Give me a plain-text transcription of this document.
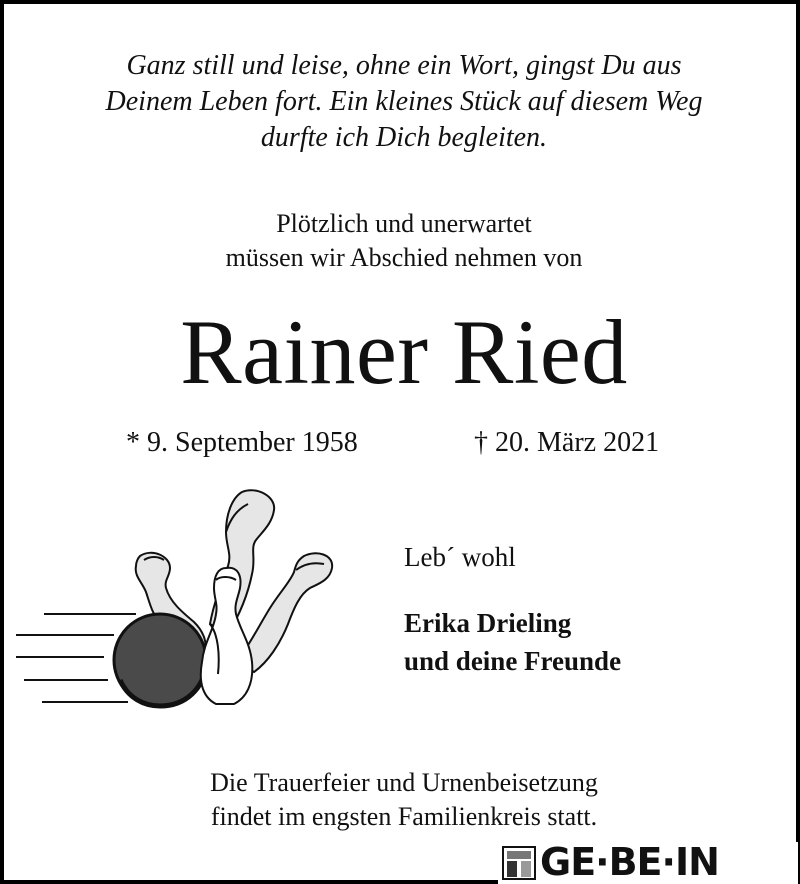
Ganz still und leise, ohne ein Wort, gingst Du aus
Deinem Leben fort. Ein kleines Stück auf diesem Weg
durfte ich Dich begleiten.
Plötzlich und unerwartet
müssen wir Abschied nehmen von
Rainer Ried
* 9. September 1958	† 20. März 2021
Leb´ wohl
Erika Drieling
und deine Freunde
Die Trauerfeier und Urnenbeisetzung
findet im engsten Familienkreis statt.
GE·BE·IN
